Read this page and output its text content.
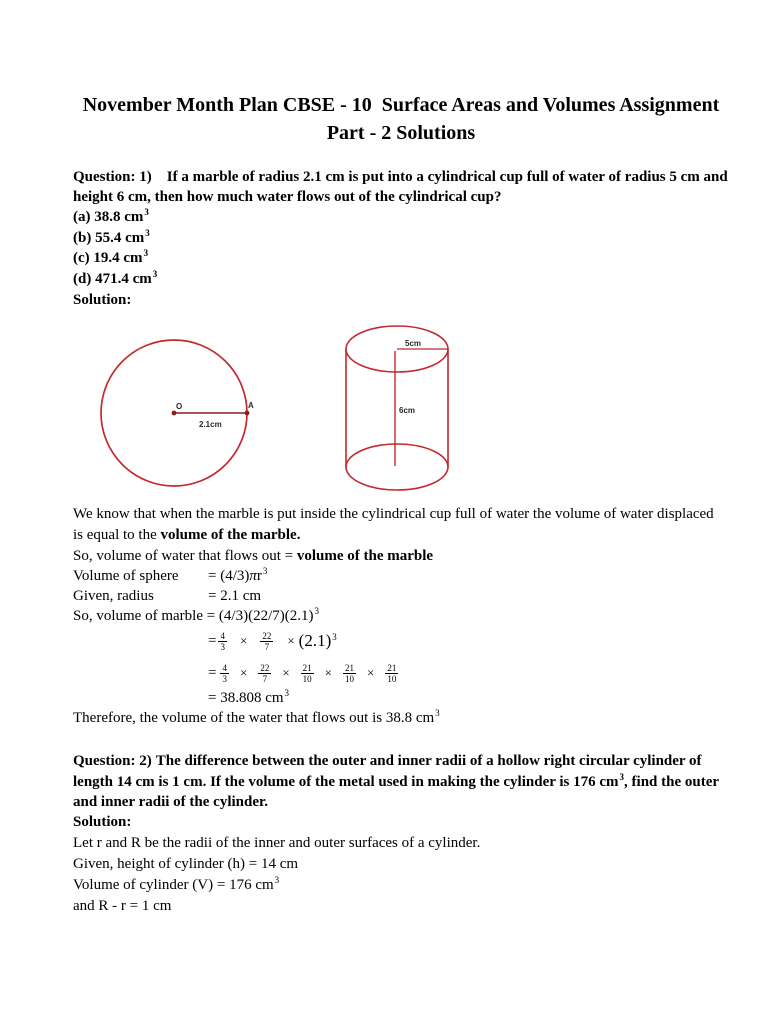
November Month Plan CBSE - 10  Surface Areas and Volumes Assignment
Part - 2 Solutions
Question: 1) If a marble of radius 2.1 cm is put into a cylindrical cup full of water of radius 5 cm and
height 6 cm, then how much water flows out of the cylindrical cup?
(a) 38.8 $cm^3$
(b) 55.4 $cm^3$
(c) 19.4 $cm^3$
(d) 471.4 $cm^3$
Solution:
O	A
2.1cm
5cm
6cm
We know that when the marble is put inside the cylindrical cup full of water the volume of water displaced
is equal to the volume of the marble.
So, volume of water that flows out = volume of the marble
Volume of sphere = $(4/3)\pi r^3$
Given, radius	= 2.1 cm
So, volume of marble = $(4/3)(22/7)(2.1)^3$
= $\frac{4}{3} \times \frac{22}{7} \times (2.1)^3$
= $\frac{4}{3} \times \frac{22}{7} \times \frac{21}{10} \times \frac{21}{10} \times \frac{21}{10}$
= 38.808 $cm^3$
Therefore, the volume of the water that flows out is 38.8 $cm^3$
Question: 2) The difference between the outer and inner radii of a hollow right circular cylinder of
length 14 cm is 1 cm. If the volume of the metal used in making the cylinder is 176 $cm^3$, find the outer
and inner radii of the cylinder.
Solution:
Let r and R be the radii of the inner and outer surfaces of a cylinder.
Given, height of cylinder (h) = 14 cm
Volume of cylinder (V) = 176 $cm^3$
and R - r = 1 cm
